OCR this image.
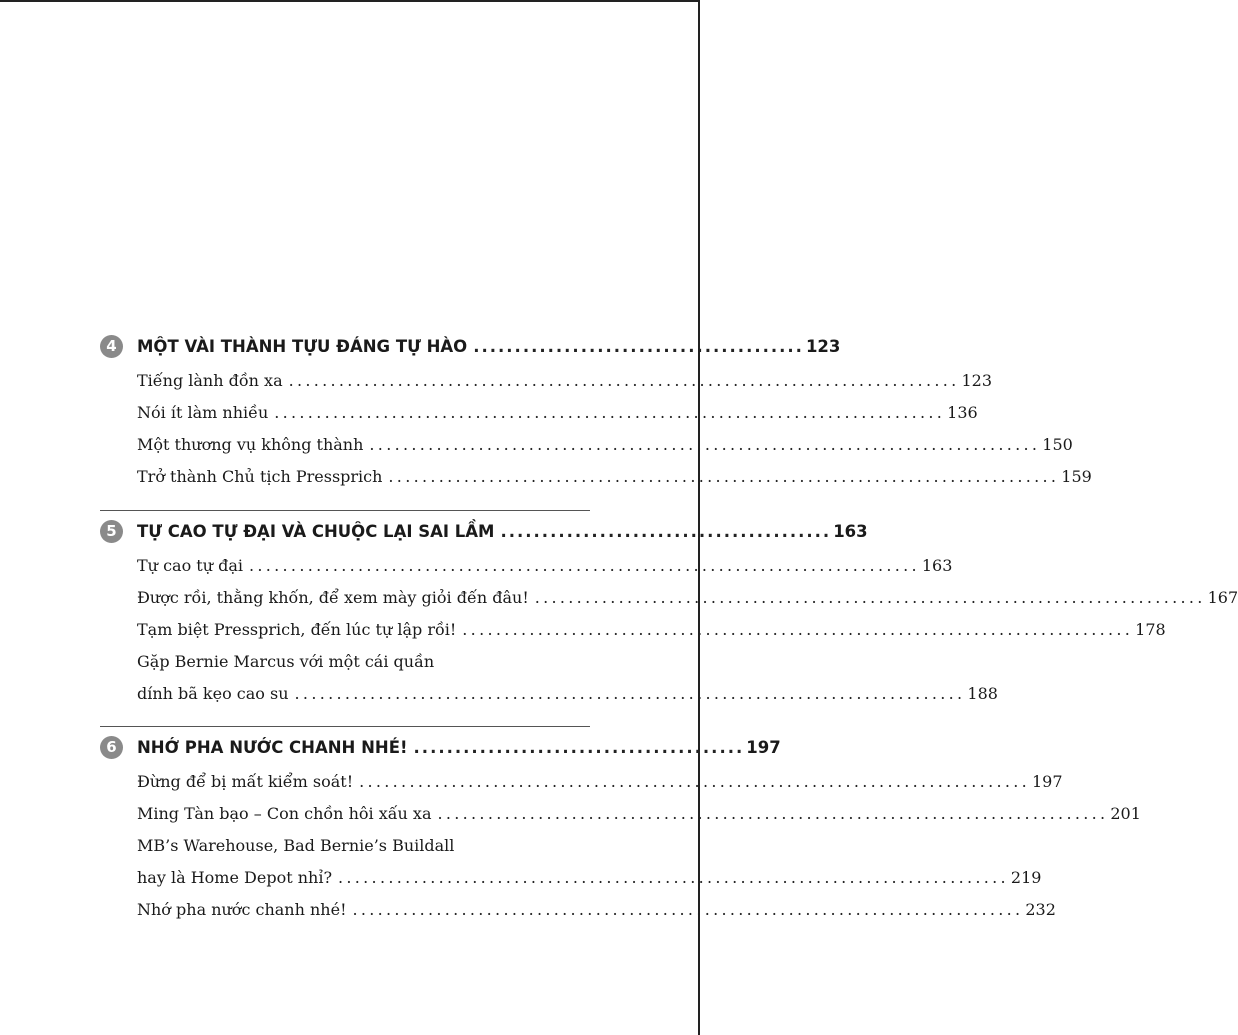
4	MỘT VÀI THÀNH TỰU ĐÁNG TỰ HÀO ........................................ 123
Tiếng lành đồn xa ................................................................................ 123
Nói ít làm nhiều ................................................................................ 136
Một thương vụ không thành ................................................................................ 150
Trở thành Chủ tịch Pressprich ................................................................................ 159
5	TỰ CAO TỰ ĐẠI VÀ CHUỘC LẠI SAI LẦM ........................................ 163
Tự cao tự đại ................................................................................ 163
Được rồi, thằng khốn, để xem mày giỏi đến đâu! ................................................................................ 167
Tạm biệt Pressprich, đến lúc tự lập rồi! ................................................................................ 178
Gặp Bernie Marcus với một cái quần
dính bã kẹo cao su ................................................................................ 188
6	NHỚ PHA NƯỚC CHANH NHÉ! ........................................ 197
Đừng để bị mất kiểm soát! ................................................................................ 197
Ming Tàn bạo – Con chồn hôi xấu xa ................................................................................ 201
MB’s Warehouse, Bad Bernie’s Buildall
hay là Home Depot nhỉ? ................................................................................ 219
Nhớ pha nước chanh nhé! ................................................................................ 232
